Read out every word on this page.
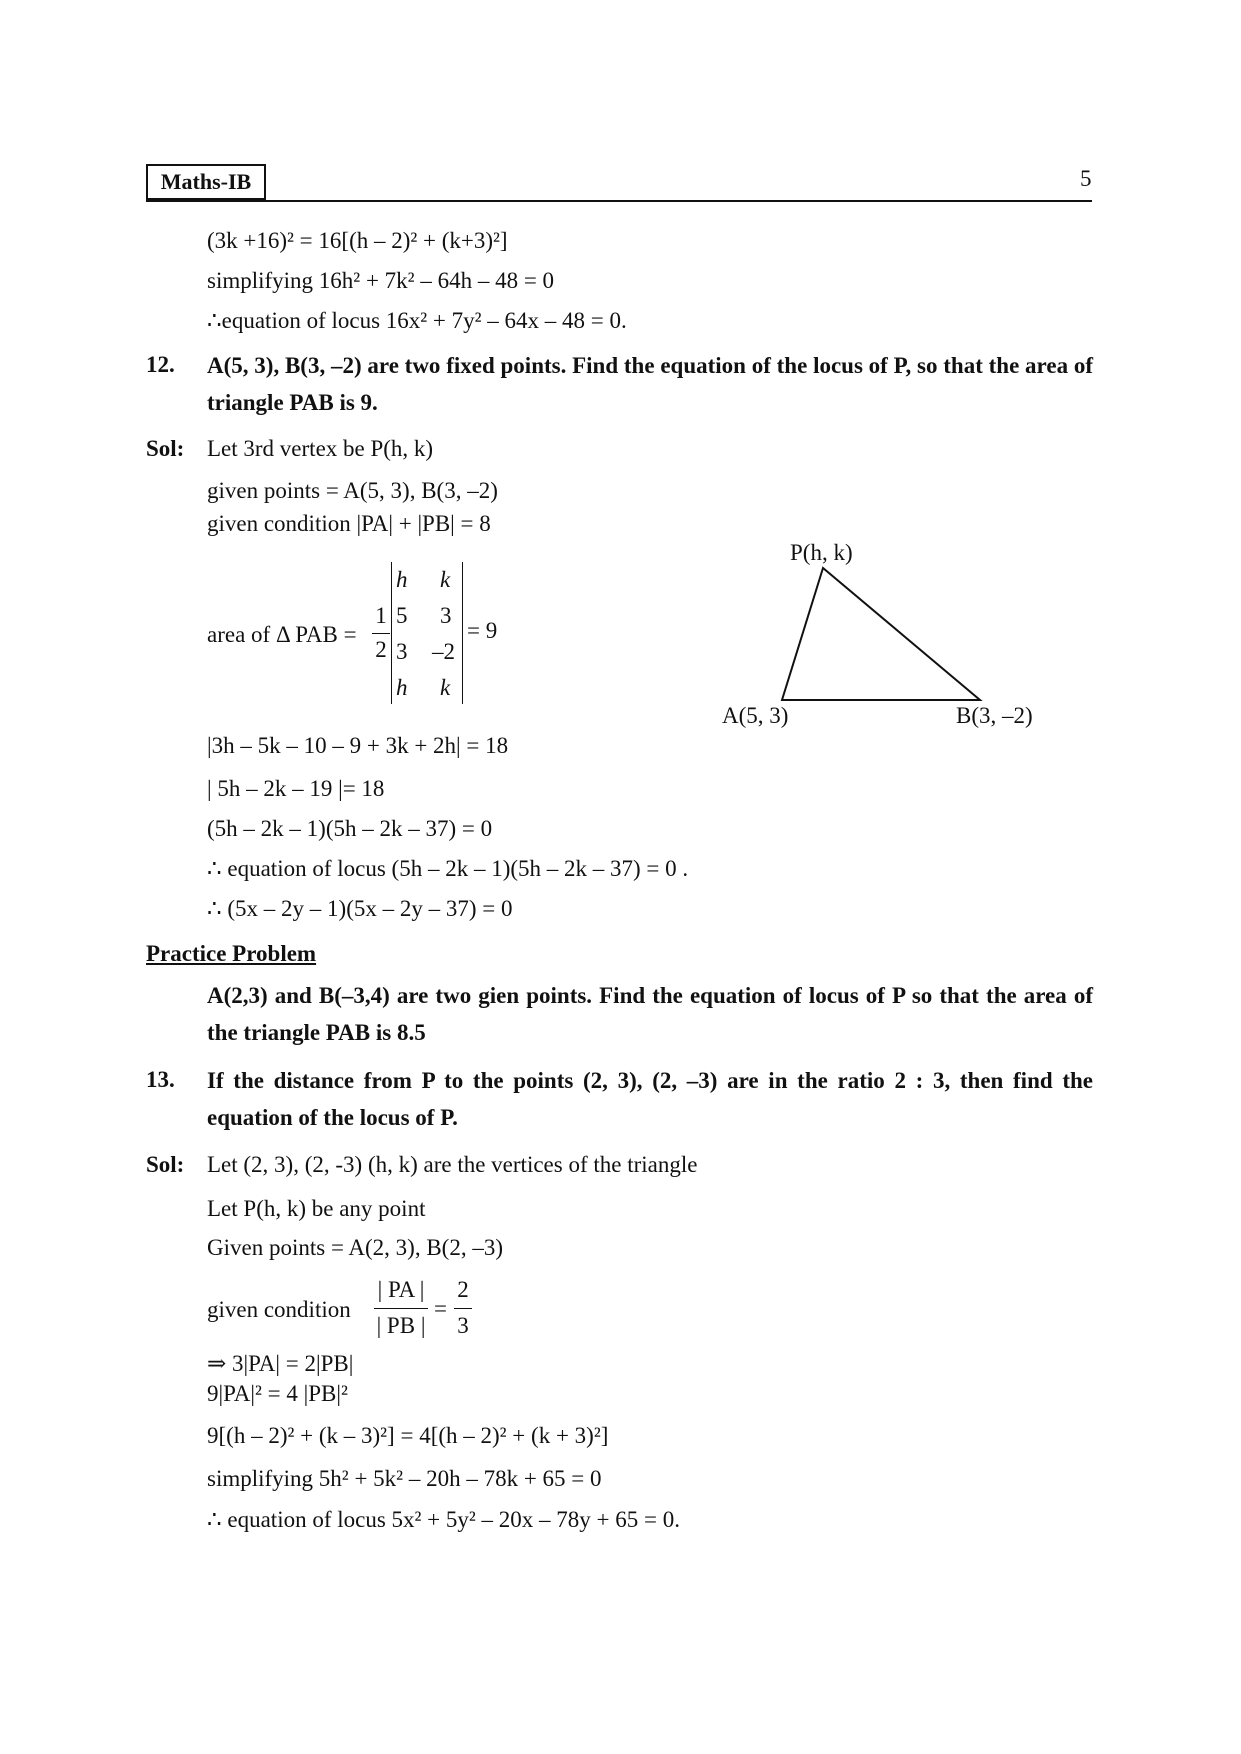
Maths-IB	5
(3k +16)² = 16[(h – 2)² + (k+3)²]
simplifying 16h² + 7k² – 64h – 48 = 0
∴equation of locus 16x² + 7y² – 64x – 48 = 0.
12. A(5, 3), B(3, –2) are two fixed points. Find the equation of the locus of P, so that the area of triangle PAB is 9.
Sol: Let 3rd vertex be P(h, k)
given points = A(5, 3), B(3, –2)
given condition |PA| + |PB| = 8
area of Δ PAB =
1
2
h k
5 3
3 –2
h k
= 9
P(h, k)
A(5, 3)	B(3, –2)
|3h – 5k – 10 – 9 + 3k + 2h| = 18
| 5h – 2k – 19 |= 18
(5h – 2k – 1)(5h – 2k – 37) = 0
∴ equation of locus (5h – 2k – 1)(5h – 2k – 37) = 0 .
∴ (5x – 2y – 1)(5x – 2y – 37) = 0
Practice Problem
A(2,3) and B(–3,4) are two gien points. Find the equation of locus of P so that the area of the triangle PAB is 8.5
13. If the distance from P to the points (2, 3), (2, –3) are in the ratio 2 : 3, then find the equation of the locus of P.
Sol: Let (2, 3), (2, -3) (h, k) are the vertices of the triangle
Let P(h, k) be any point
Given points = A(2, 3), B(2, –3)
given condition
| PA |
| PB |
=
2
3
⇒ 3|PA| = 2|PB|
9|PA|² = 4 |PB|²
9[(h – 2)² + (k – 3)²] = 4[(h – 2)² + (k + 3)²]
simplifying 5h² + 5k² – 20h – 78k + 65 = 0
∴ equation of locus 5x² + 5y² – 20x – 78y + 65 = 0.
